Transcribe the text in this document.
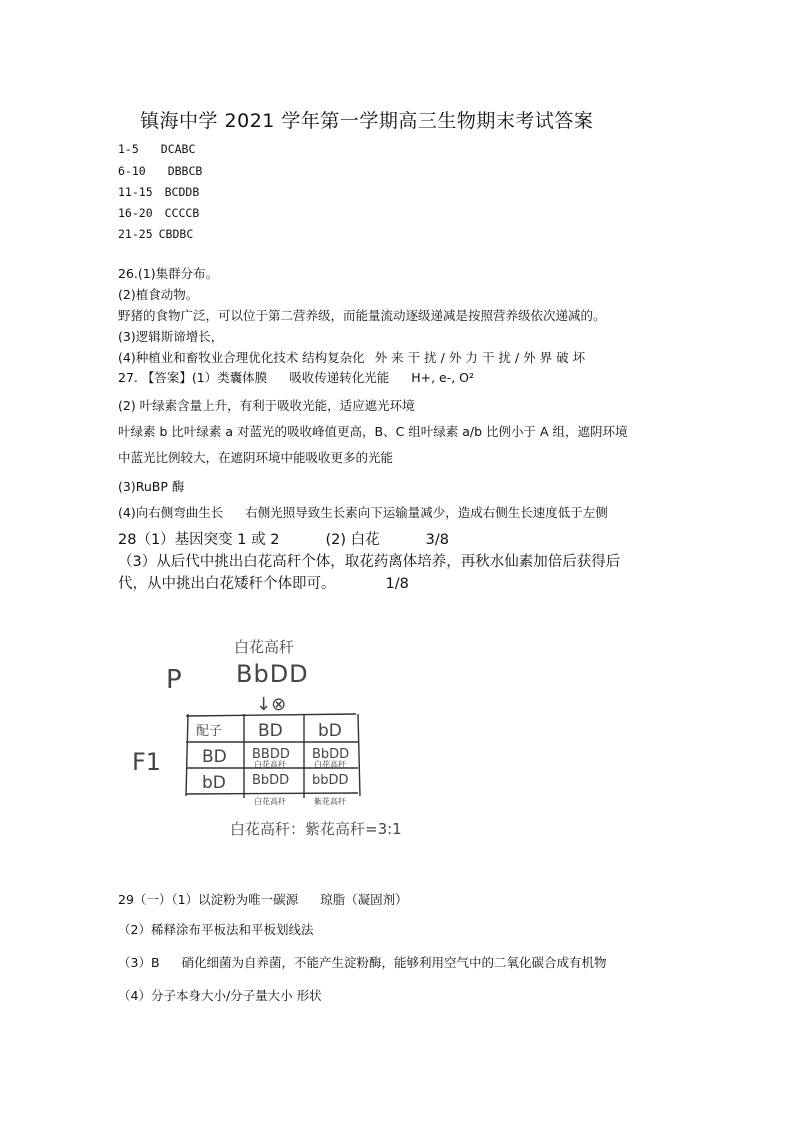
镇海中学 2021 学年第一学期高三生物期末考试答案
1-5 DCABC
6-10 DBBCB
11-15 BCDDB
16-20 CCCCB
21-25 CBDBC
26.(1)集群分布。
(2)植食动物。
野猪的食物广泛，可以位于第二营养级，而能量流动逐级递减是按照营养级依次递减的。
(3)逻辑斯谛增长，
(4)种植业和畜牧业合理优化技术 结构复杂化 外来干扰/外力干扰/外界破坏
27. 【答案】(1）类囊体膜 吸收传递转化光能 H+, e-, O²
(2) 叶绿素含量上升，有利于吸收光能，适应遮光环境
叶绿素 b 比叶绿素 a 对蓝光的吸收峰值更高，B、C 组叶绿素 a/b 比例小于 A 组，遮阴环境
中蓝光比例较大，在遮阴环境中能吸收更多的光能
(3)RuBP 酶
(4)向右侧弯曲生长 右侧光照导致生长素向下运输量减少，造成右侧生长速度低于左侧
28（1）基因突变 1 或 2	(2) 白花	3/8
（3）从后代中挑出白花高秆个体，取花药离体培养，再秋水仙素加倍后获得后
代，从中挑出白花矮秆个体即可。	1/8
P
白花高秆
BbDD
↓⊗
F1
配子 BD bD
BD BBDD BbDD
bD BbDD bbDD
白花高秆	白花高秆
白花高秆	紫花高秆
白花高秆：紫花高秆=3:1
29（一）（1）以淀粉为唯一碳源 琼脂（凝固剂）
（2）稀释涂布平板法和平板划线法
（3）B 硝化细菌为自养菌，不能产生淀粉酶，能够利用空气中的二氧化碳合成有机物
（4）分子本身大小/分子量大小 形状
